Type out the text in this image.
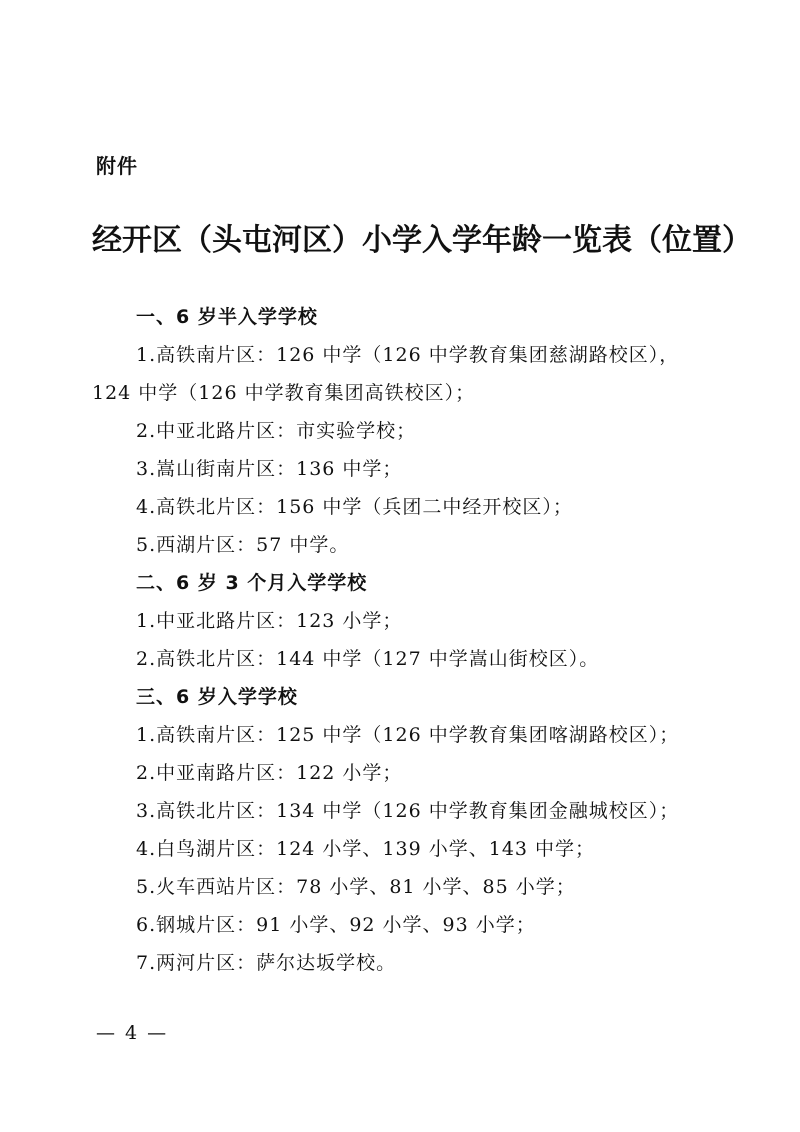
附件
经开区（头屯河区）小学入学年龄一览表（位置）
一、6 岁半入学学校
1.高铁南片区：126 中学（126 中学教育集团慈湖路校区），
124 中学（126 中学教育集团高铁校区）；
2.中亚北路片区：市实验学校；
3.嵩山街南片区：136 中学；
4.高铁北片区：156 中学（兵团二中经开校区）；
5.西湖片区：57 中学。
二、6 岁 3 个月入学学校
1.中亚北路片区：123 小学；
2.高铁北片区：144 中学（127 中学嵩山街校区）。
三、6 岁入学学校
1.高铁南片区：125 中学（126 中学教育集团喀湖路校区）；
2.中亚南路片区：122 小学；
3.高铁北片区：134 中学（126 中学教育集团金融城校区）；
4.白鸟湖片区：124 小学、139 小学、143 中学；
5.火车西站片区：78 小学、81 小学、85 小学；
6.钢城片区：91 小学、92 小学、93 小学；
7.两河片区：萨尔达坂学校。
— 4 —
